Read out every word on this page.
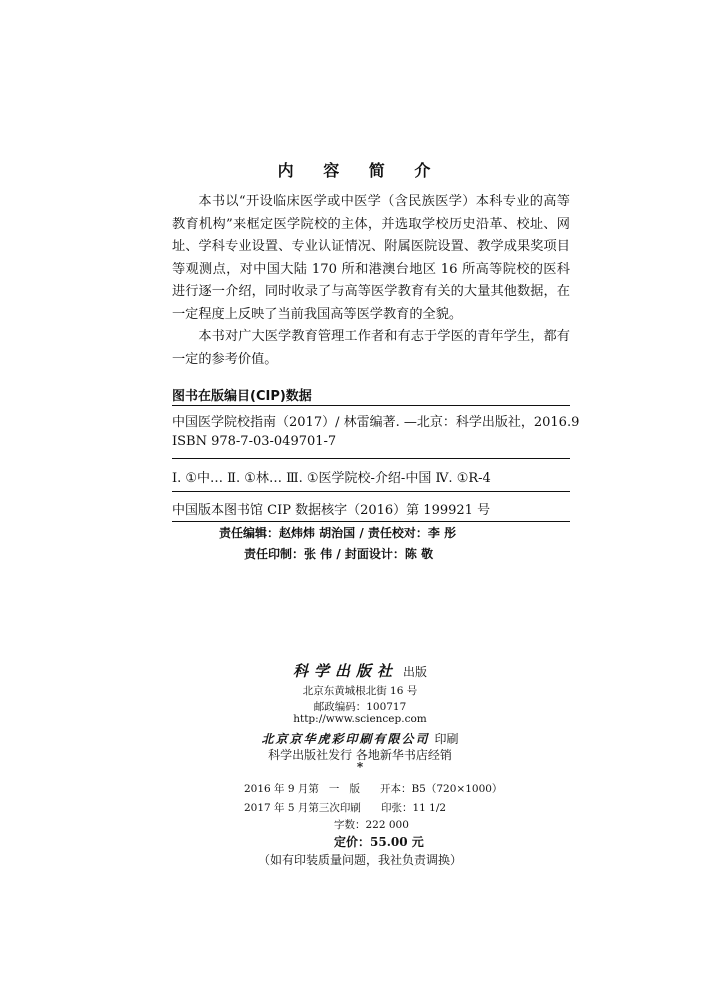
内 容 简 介

本书以“开设临床医学或中医学（含民族医学）本科专业的高等教育机构”来框定医学院校的主体，并选取学校历史沿革、校址、网址、学科专业设置、专业认证情况、附属医院设置、教学成果奖项目等观测点，对中国大陆 170 所和港澳台地区 16 所高等院校的医科进行逐一介绍，同时收录了与高等医学教育有关的大量其他数据，在一定程度上反映了当前我国高等医学教育的全貌。

本书对广大医学教育管理工作者和有志于学医的青年学生，都有一定的参考价值。

图书在版编目(CIP)数据
中国医学院校指南（2017）/ 林雷编著. —北京：科学出版社，2016.9
ISBN 978-7-03-049701-7
Ⅰ. ①中… Ⅱ. ①林… Ⅲ. ①医学院校-介绍-中国 Ⅳ. ①R-4
中国版本图书馆 CIP 数据核字（2016）第 199921 号
责任编辑：赵炜炜 胡治国 / 责任校对：李 彤
责任印制：张 伟 / 封面设计：陈 敬
科学出版社 出版
北京东黄城根北街 16 号
邮政编码：100717
http://www.sciencep.com
北京京华虎彩印刷有限公司 印刷
科学出版社发行 各地新华书店经销
*
2016 年 9 月第   一   版      开本：B5（720×1000）
2017 年 5 月第三次印刷      印张：11 1/2
字数：222 000
定价：55.00 元
（如有印装质量问题，我社负责调换）
